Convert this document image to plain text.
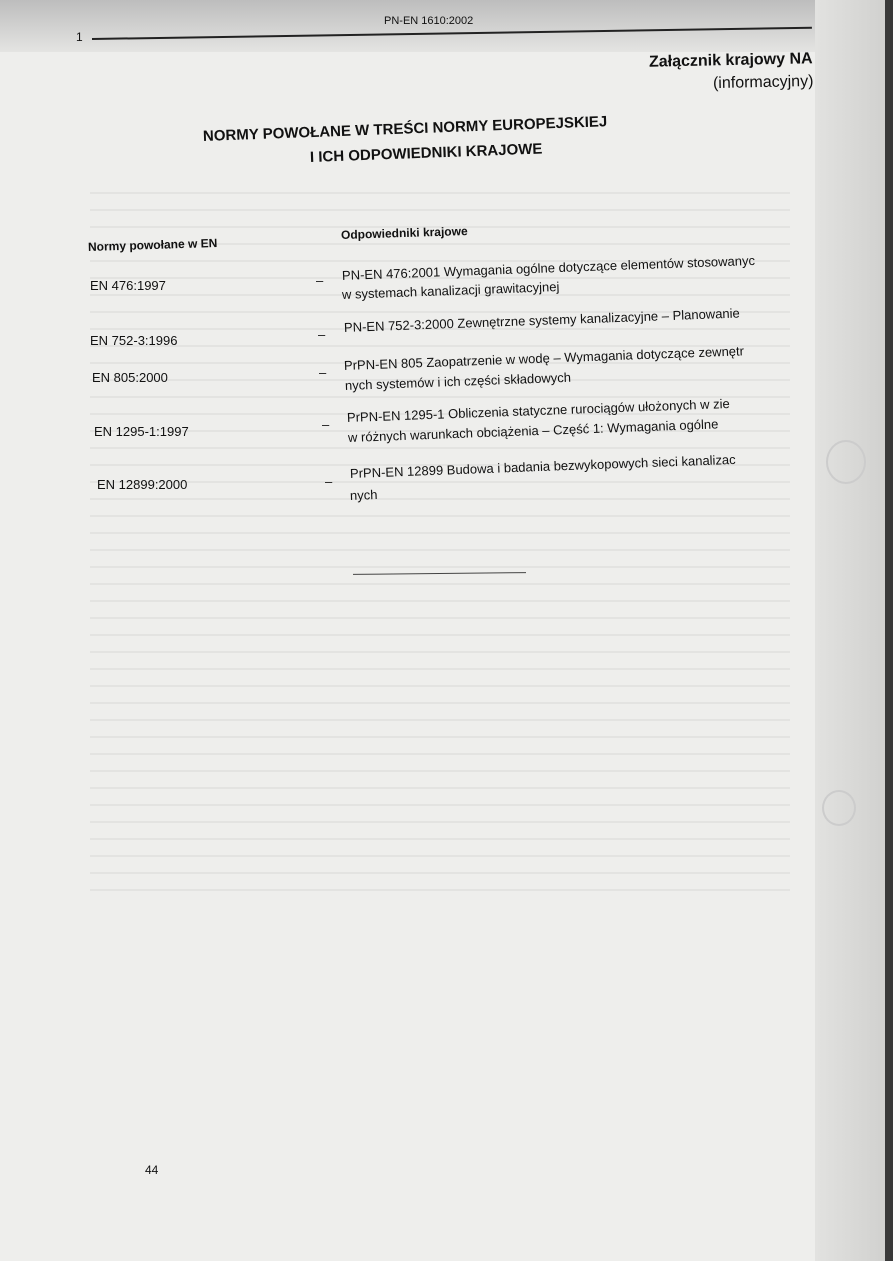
1
PN-EN 1610:2002
Załącznik krajowy NA
(informacyjny)
NORMY POWOŁANE W TREŚCI NORMY EUROPEJSKIEJ
I ICH ODPOWIEDNIKI KRAJOWE
Normy powołane w EN
Odpowiedniki krajowe
EN 476:1997	– PN-EN 476:2001 Wymagania ogólne dotyczące elementów stosowanyc
w systemach kanalizacji grawitacyjnej
EN 752-3:1996	– PN-EN 752-3:2000 Zewnętrzne systemy kanalizacyjne – Planowanie
EN 805:2000	– PrPN-EN 805 Zaopatrzenie w wodę – Wymagania dotyczące zewnętr
nych systemów i ich części składowych
EN 1295-1:1997	– PrPN-EN 1295-1 Obliczenia statyczne rurociągów ułożonych w zie
w różnych warunkach obciążenia – Część 1: Wymagania ogólne
EN 12899:2000	–
PrPN-EN 12899 Budowa i badania bezwykopowych sieci kanalizac
nych
44
